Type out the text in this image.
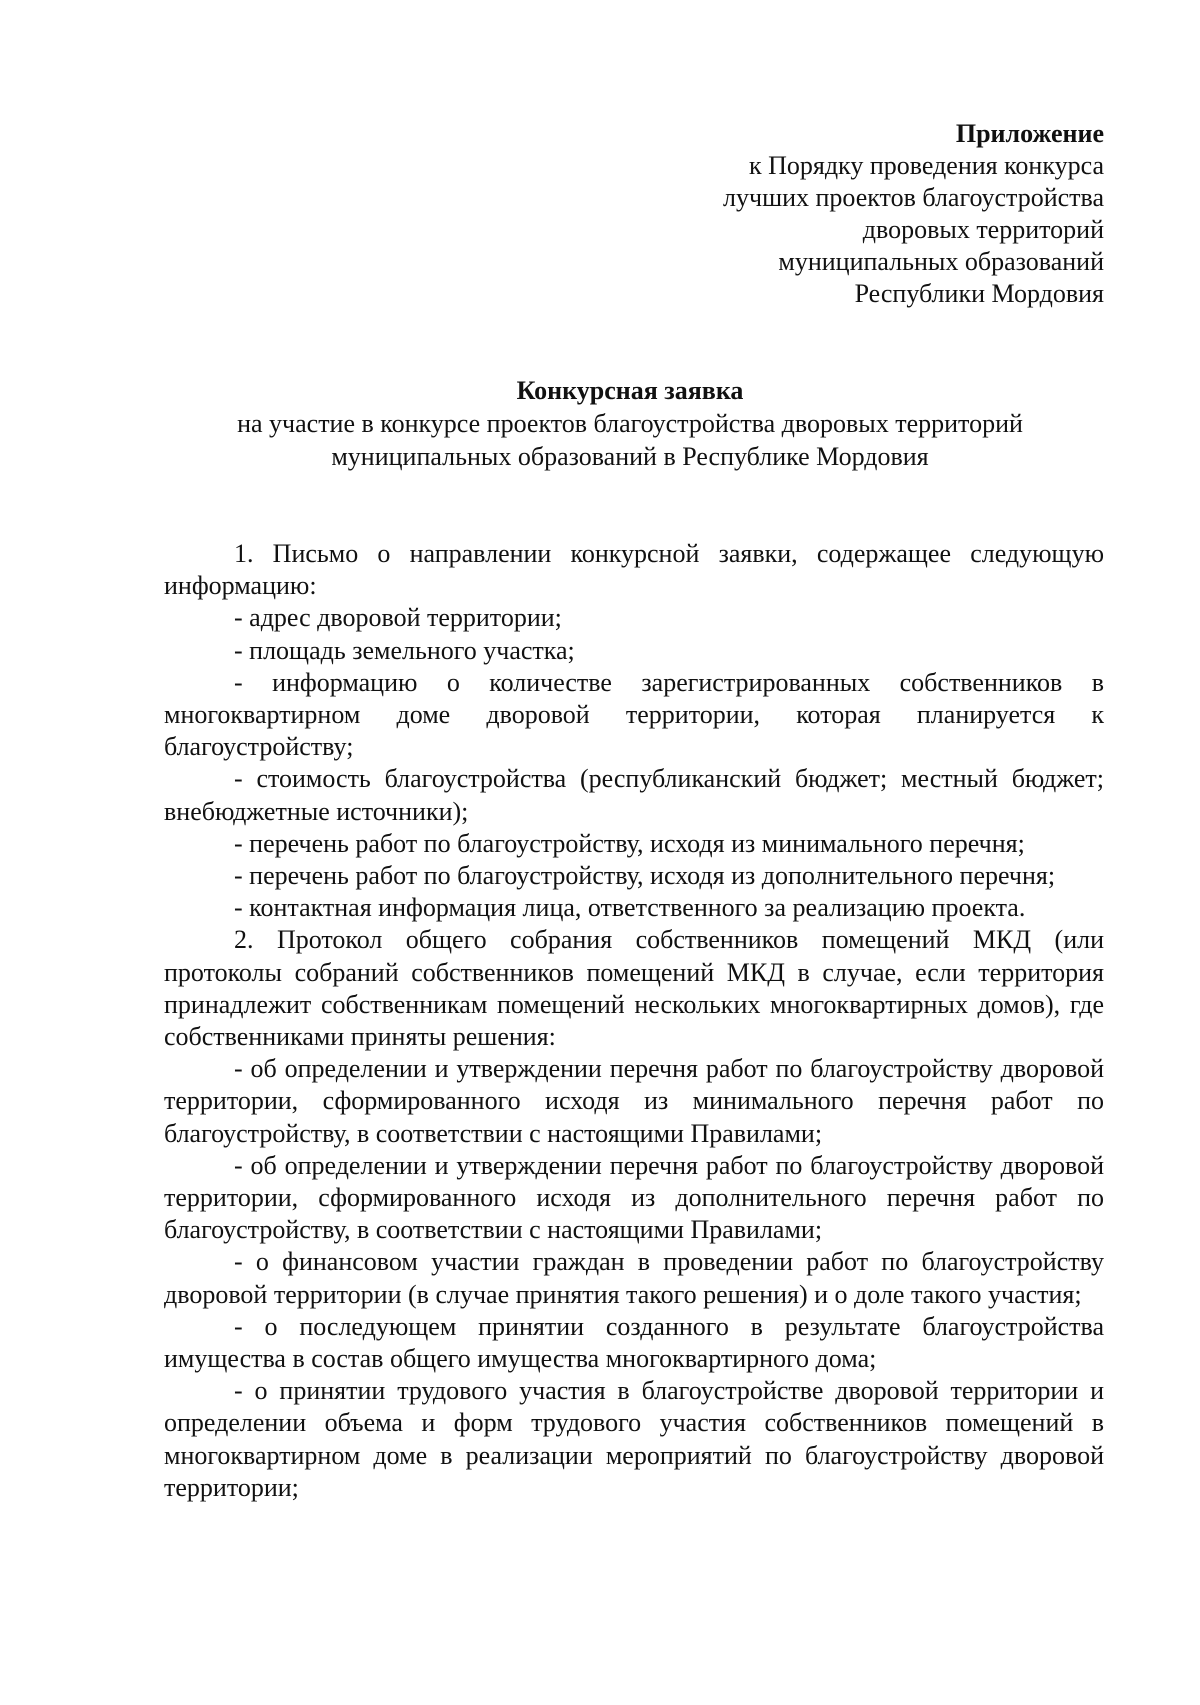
Приложение
к Порядку проведения конкурса
лучших проектов благоустройства
дворовых территорий
муниципальных образований
Республики Мордовия
Конкурсная заявка
на участие в конкурсе проектов благоустройства дворовых территорий
муниципальных образований в Республике Мордовия

1. Письмо о направлении конкурсной заявки, содержащее следующую информацию:

- адрес дворовой территории;

- площадь земельного участка;

- информацию о количестве зарегистрированных собственников в многоквартирном доме дворовой территории, которая планируется к благоустройству;

- стоимость благоустройства (республиканский бюджет; местный бюджет; внебюджетные источники);

- перечень работ по благоустройству, исходя из минимального перечня;

- перечень работ по благоустройству, исходя из дополнительного перечня;

- контактная информация лица, ответственного за реализацию проекта.

2. Протокол общего собрания собственников помещений МКД (или протоколы собраний собственников помещений МКД в случае, если территория принадлежит собственникам помещений нескольких многоквартирных домов), где собственниками приняты решения:

- об определении и утверждении перечня работ по благоустройству дворовой территории, сформированного исходя из минимального перечня работ по благоустройству, в соответствии с настоящими Правилами;

- об определении и утверждении перечня работ по благоустройству дворовой территории, сформированного исходя из дополнительного перечня работ по благоустройству, в соответствии с настоящими Правилами;

- о финансовом участии граждан в проведении работ по благоустройству дворовой территории (в случае принятия такого решения) и о доле такого участия;

- о последующем принятии созданного в результате благоустройства имущества в состав общего имущества многоквартирного дома;

- о принятии трудового участия в благоустройстве дворовой территории и определении объема и форм трудового участия собственников помещений в многоквартирном доме в реализации мероприятий по благоустройству дворовой территории;
